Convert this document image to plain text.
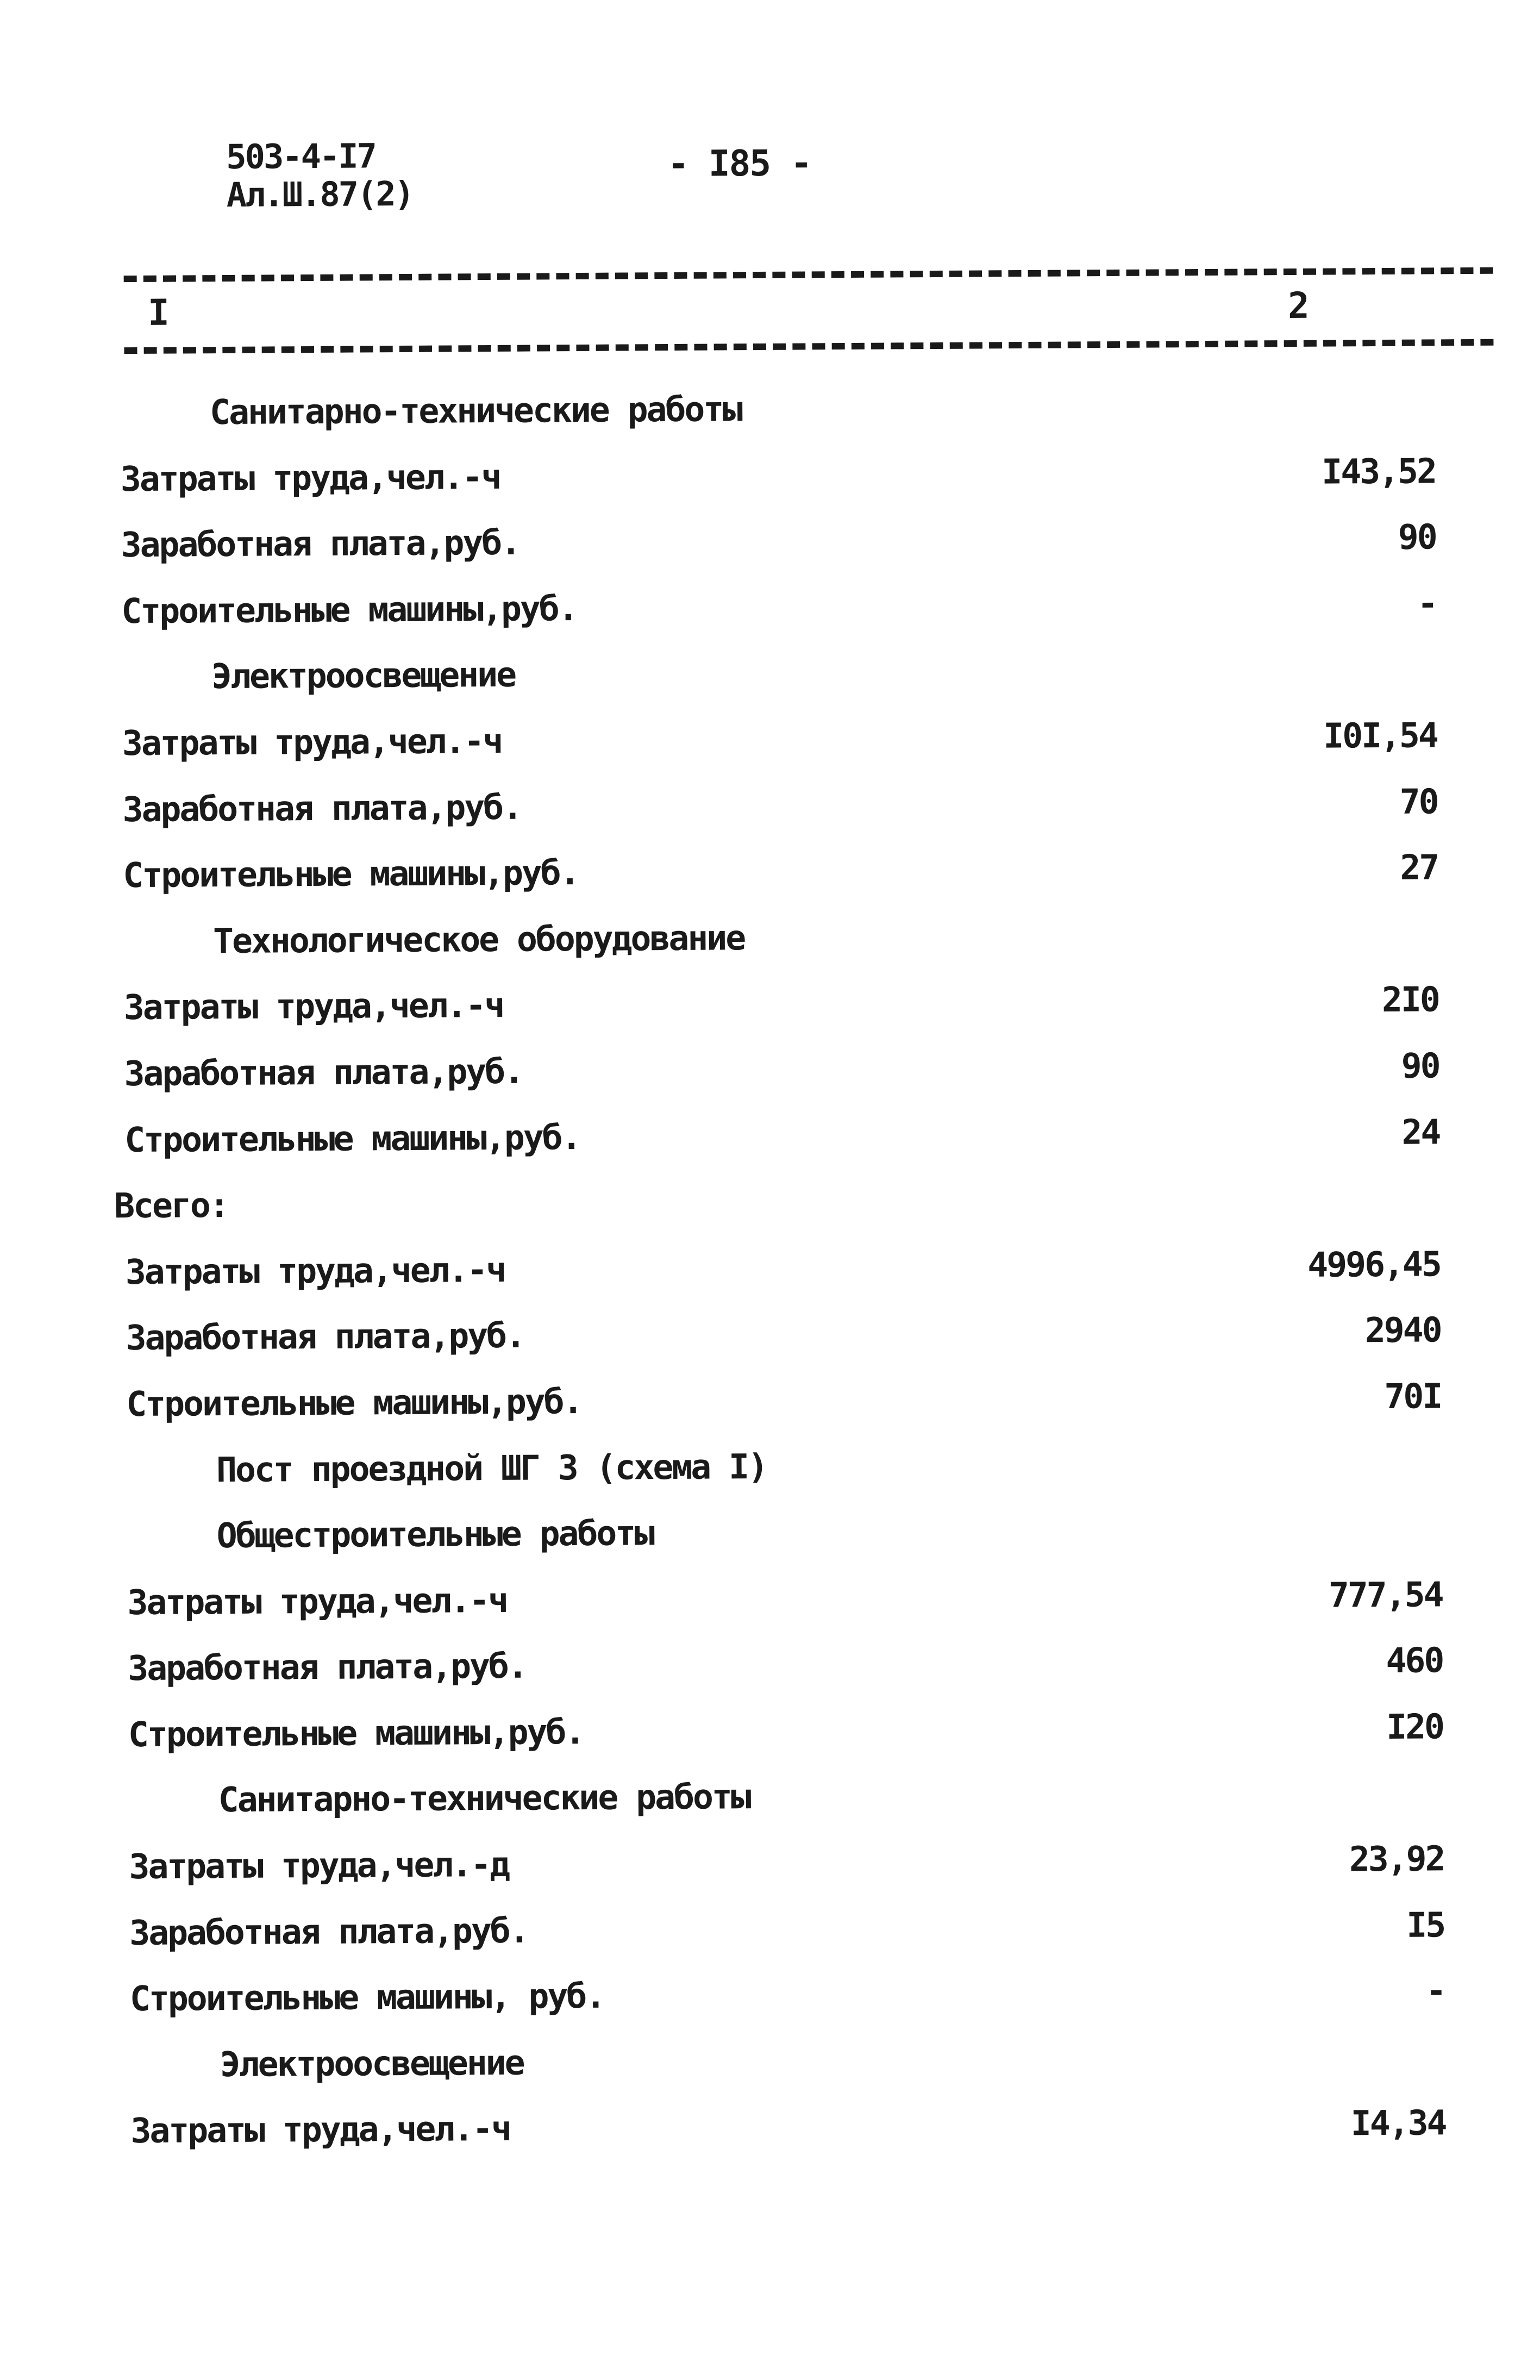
503-4-I7
Ал.Ш.87(2)
- I85 -
I	2
Санитарно-технические работы
Затраты труда,чел.-ч	I43,52
Заработная плата,руб.	90
Строительные машины,руб.	-
Электроосвещение
Затраты труда,чел.-ч	I0I,54
Заработная плата,руб.	70
Строительные машины,руб.	27
Технологическое оборудование
Затраты труда,чел.-ч	2I0
Заработная плата,руб.	90
Строительные машины,руб.	24
Всего:
Затраты труда,чел.-ч	4996,45
Заработная плата,руб.	2940
Строительные машины,руб.	70I
Пост проездной ШГ 3 (схема I)
Общестроительные работы
Затраты труда,чел.-ч	777,54
Заработная плата,руб.	460
Строительные машины,руб.	I20
Санитарно-технические работы
Затраты труда,чел.-д	23,92
Заработная плата,руб.	I5
Строительные машины, руб.	-
Электроосвещение
Затраты труда,чел.-ч	I4,34
